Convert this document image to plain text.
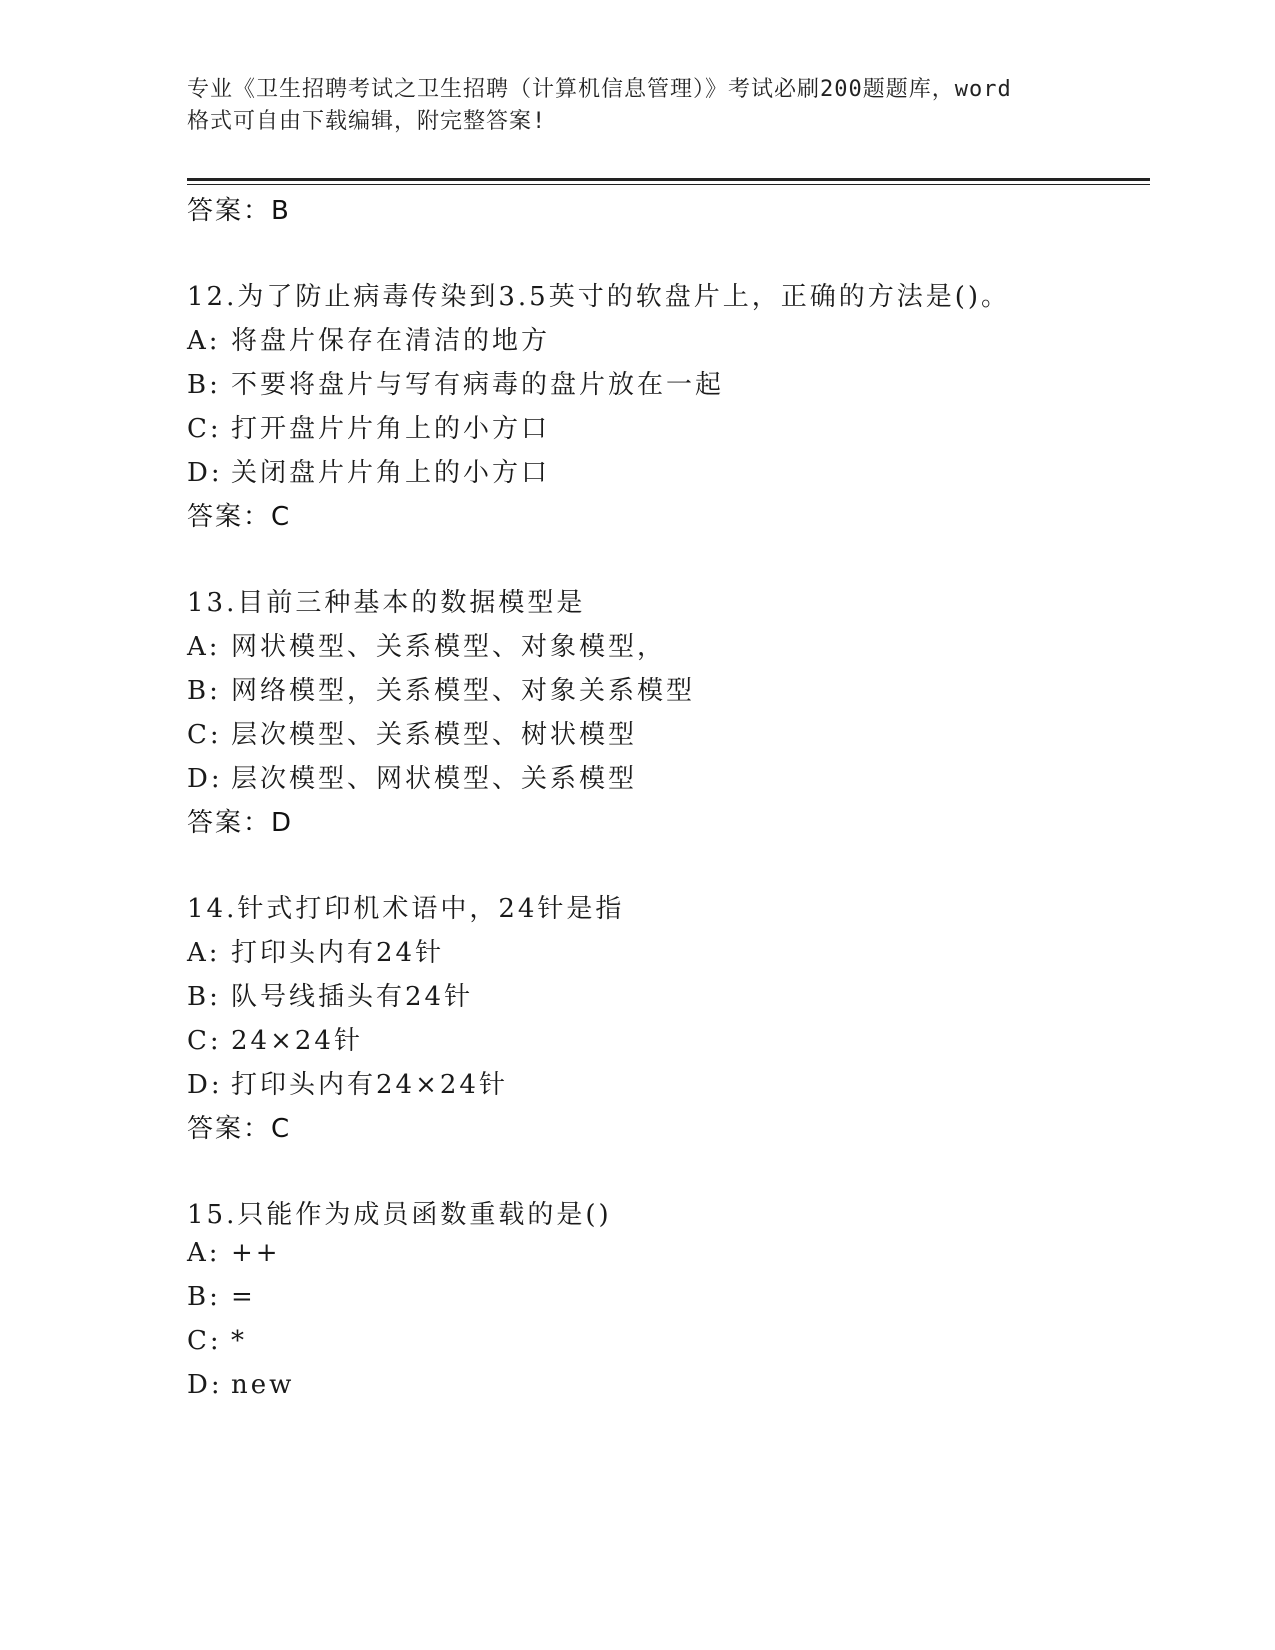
专业《卫生招聘考试之卫生招聘（计算机信息管理）》考试必刷200题题库，word
格式可自由下载编辑，附完整答案!
答案：B
12.为了防止病毒传染到3.5英寸的软盘片上，正确的方法是()。
A: 将盘片保存在清洁的地方
B: 不要将盘片与写有病毒的盘片放在一起
C: 打开盘片片角上的小方口
D: 关闭盘片片角上的小方口
答案：C
13.目前三种基本的数据模型是
A: 网状模型、关系模型、对象模型，
B: 网络模型，关系模型、对象关系模型
C: 层次模型、关系模型、树状模型
D: 层次模型、网状模型、关系模型
答案：D
14.针式打印机术语中，24针是指
A: 打印头内有24针
B: 队号线插头有24针
C: 24×24针
D: 打印头内有24×24针
答案：C
15.只能作为成员函数重载的是()
A: ++
B: =
C: *
D: new
